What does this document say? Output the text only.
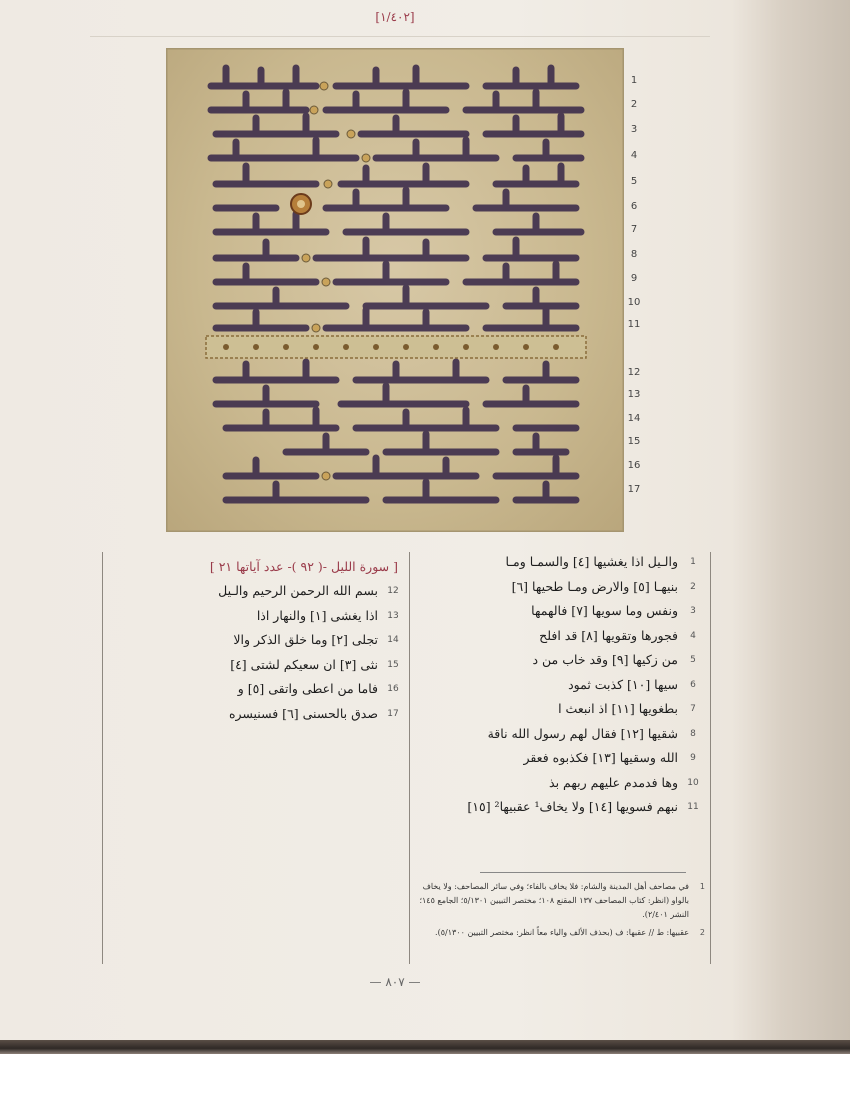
[١/٤٠٢]
1
2
3
4
5
6
7
8
9
10
11
12
13
14
15
16
17
1
والـيل اذا يغشيها [٤] والسمـا ومـا
2
بنيهـا [٥] والارض ومـا طحيها [٦]
3
ونفس وما سويها [٧] فالهمها
4
فجورها وتقويها [٨] قد افلح
5
من زكيها [٩] وقد خاب من د
6
سيها [١٠] كذبت ثمود
7
بطغويها [١١] اذ انبعث ا
8
شقيها [١٢] فقال لهم رسول الله ناقة
9
الله وسقيها [١٣] فكذبوه فعقر
10
وها فدمدم عليهم ربهم بذ
11
نبهم فسويها [١٤] ولا يخاف¹ عقبيها² [١٥]
[ سورة الليل -( ٩٢ )- عدد آياتها ٢١ ]
12
بسم الله الرحمن الرحيم والـيل
13
اذا يغشى [١] والنهار اذا
14
تجلى [٢] وما خلق الذكر والا
15
نثى [٣] ان سعيكم لشتى [٤]
16
فاما من اعطى واتقى [٥] و
17
صدق بالحسنى [٦] فسنيسره
1
في مصاحف أهل المدينة والشام: فلا يخاف بالفاء؛ وفي سائر المصاحف: ولا يخاف بالواو (انظر: كتاب المصاحف ١٣٧ المقنع ١٠٨؛ مختصر التبيين ٥/١٣٠١؛ الجامع ١٤٥؛ النشر ٢/٤٠١).
2
عقبيها: ط // عقبها: ف (بحذف الألف والياء معاً انظر: مختصر التبيين ٥/١٣٠٠).
— ٨٠٧ —
